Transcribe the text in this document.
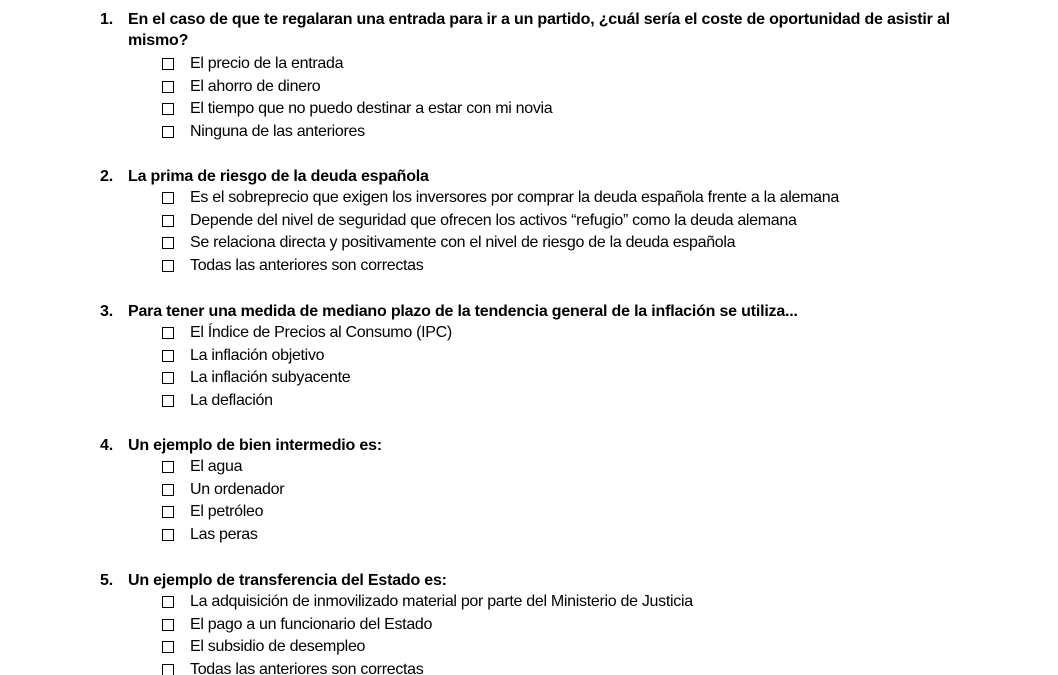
1. En el caso de que te regalaran una entrada para ir a un partido, ¿cuál sería el coste de oportunidad de asistir al mismo?
El precio de la entrada
El ahorro de dinero
El tiempo que no puedo destinar a estar con mi novia
Ninguna de las anteriores
2. La prima de riesgo de la deuda española
Es el sobreprecio que exigen los inversores por comprar la deuda española frente a la alemana
Depende del nivel de seguridad que ofrecen los activos “refugio” como la deuda alemana
Se relaciona directa y positivamente con el nivel de riesgo de la deuda española
Todas las anteriores son correctas
3. Para tener una medida de mediano plazo de la tendencia general de la inflación se utiliza...
El Índice de Precios al Consumo (IPC)
La inflación objetivo
La inflación subyacente
La deflación
4. Un ejemplo de bien intermedio es:
El agua
Un ordenador
El petróleo
Las peras
5. Un ejemplo de transferencia del Estado es:
La adquisición de inmovilizado material por parte del Ministerio de Justicia
El pago a un funcionario del Estado
El subsidio de desempleo
Todas las anteriores son correctas
